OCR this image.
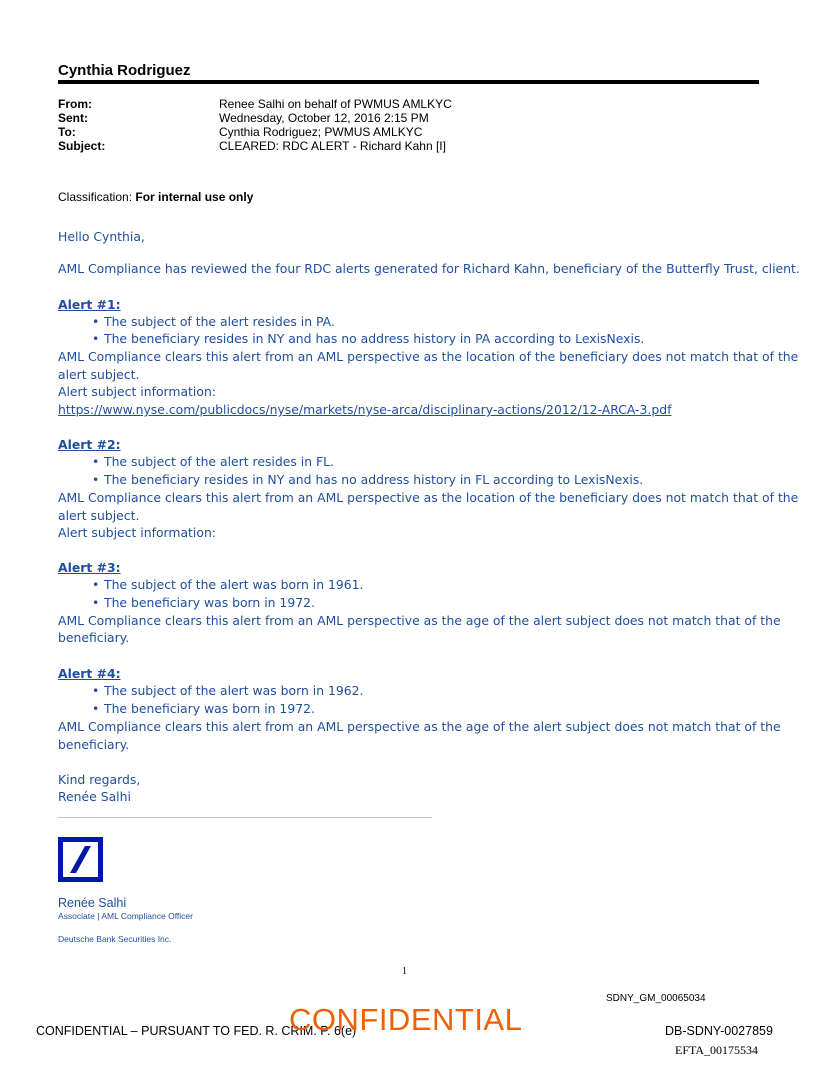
Cynthia Rodriguez
From:	Renee Salhi on behalf of PWMUS AMLKYC
Sent:	Wednesday, October 12, 2016 2:15 PM
To:	Cynthia Rodriguez; PWMUS AMLKYC
Subject:	CLEARED: RDC ALERT - Richard Kahn [I]
Classification: For internal use only
Hello Cynthia,
AML Compliance has reviewed the four RDC alerts generated for Richard Kahn, beneficiary of the Butterfly Trust, client.
Alert #1:
• The subject of the alert resides in PA.
• The beneficiary resides in NY and has no address history in PA according to LexisNexis.
AML Compliance clears this alert from an AML perspective as the location of the beneficiary does not match that of the
alert subject.
Alert subject information:
https://www.nyse.com/publicdocs/nyse/markets/nyse-arca/disciplinary-actions/2012/12-ARCA-3.pdf
Alert #2:
• The subject of the alert resides in FL.
• The beneficiary resides in NY and has no address history in FL according to LexisNexis.
AML Compliance clears this alert from an AML perspective as the location of the beneficiary does not match that of the
alert subject.
Alert subject information:
Alert #3:
• The subject of the alert was born in 1961.
• The beneficiary was born in 1972.
AML Compliance clears this alert from an AML perspective as the age of the alert subject does not match that of the
beneficiary.
Alert #4:
• The subject of the alert was born in 1962.
• The beneficiary was born in 1972.
AML Compliance clears this alert from an AML perspective as the age of the alert subject does not match that of the
beneficiary.
Kind regards,
Renée Salhi
Renée Salhi
Associate | AML Compliance Officer
Deutsche Bank Securities Inc.
1
SDNY_GM_00065034
CONFIDENTIAL – PURSUANT TO FED. R. CRIM. P. 6(e)
CONFIDENTIAL	DB-SDNY-0027859
EFTA_00175534
